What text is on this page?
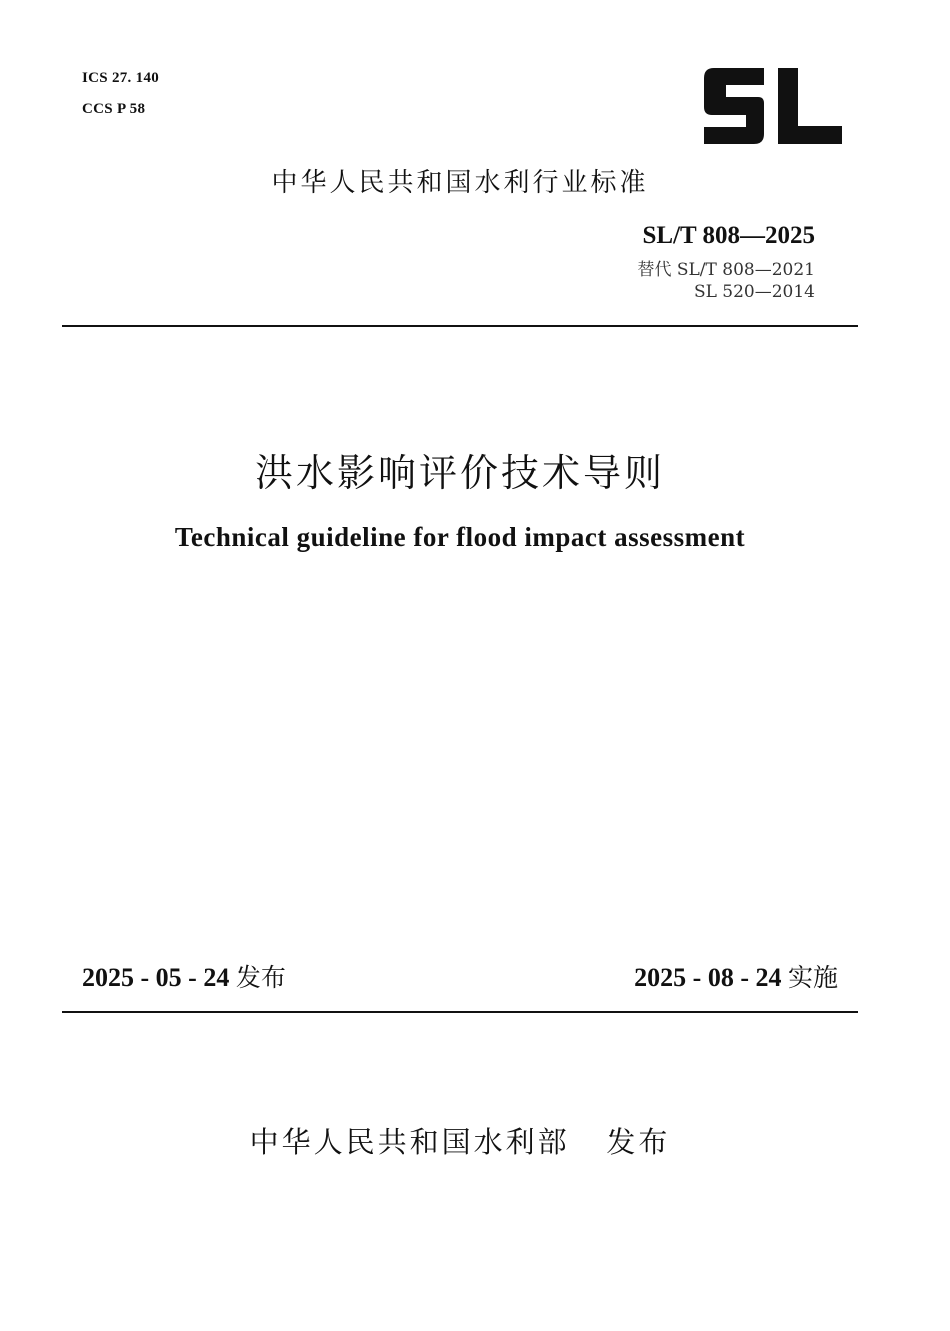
ICS 27. 140
CCS P 58
中华人民共和国水利行业标准
SL/T 808—2025
替代 SL/T 808—2021
SL 520—2014
洪水影响评价技术导则
Technical guideline for flood impact assessment
2025 - 05 - 24 发布	2025 - 08 - 24 实施
中华人民共和国水利部   发布
